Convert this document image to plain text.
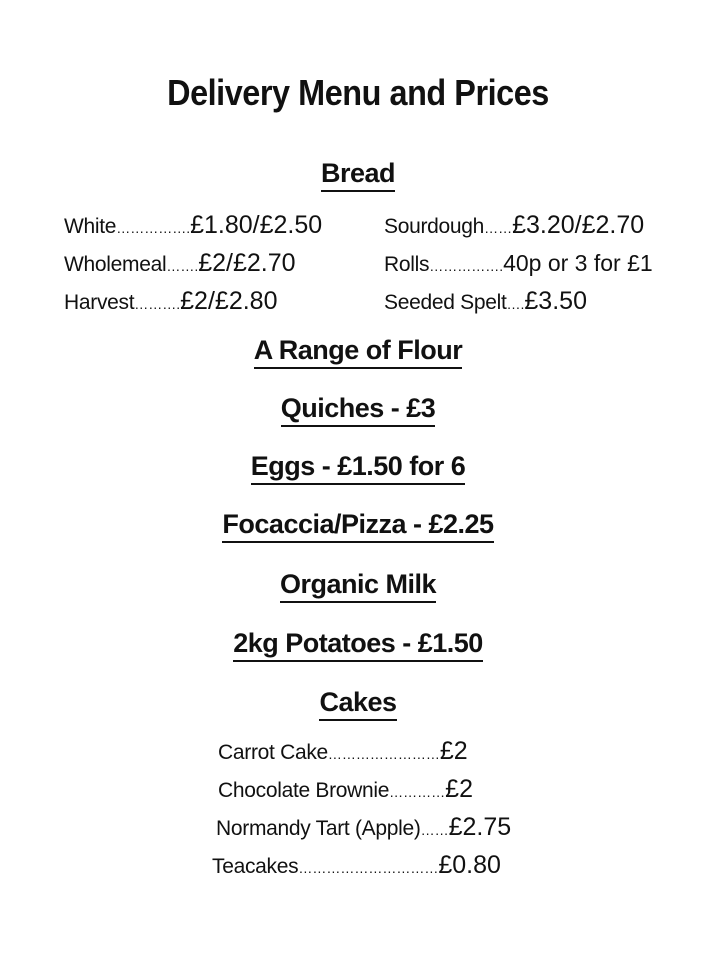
Delivery Menu and Prices
Bread
White…………….£1.80/£2.50
Wholemeal…….£2/£2.70
Harvest……….£2/£2.80
Sourdough……£3.20/£2.70
Rolls…………….40p or 3 for £1
Seeded Spelt….£3.50
A Range of Flour
Quiches - £3
Eggs - £1.50 for 6
Focaccia/Pizza - £2.25
Organic Milk
2kg Potatoes - £1.50
Cakes
Carrot Cake……………………£2
Chocolate Brownie…………£2
Normandy Tart (Apple)……£2.75
Teacakes…………………………£0.80
